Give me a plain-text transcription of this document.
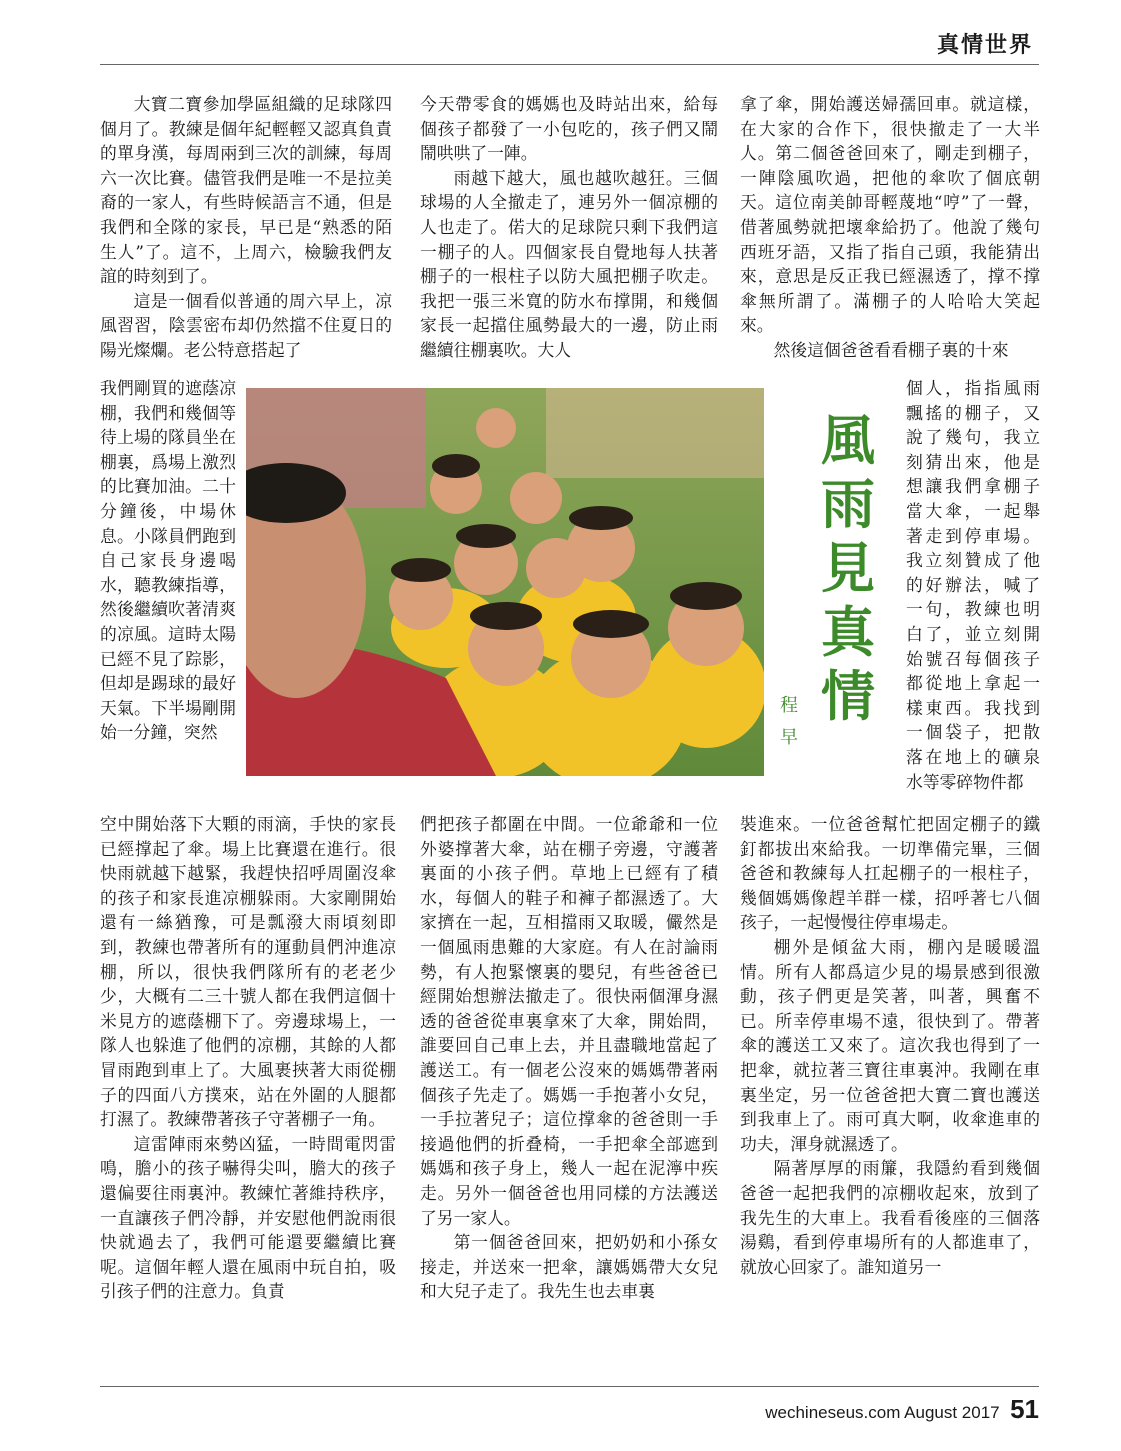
真情世界

大寶二寶參加學區組織的足球隊四個月了。教練是個年紀輕輕又認真負責的單身漢，每周兩到三次的訓練，每周六一次比賽。儘管我們是唯一不是拉美裔的一家人，有些時候語言不通，但是我們和全隊的家長，早已是“熟悉的陌生人”了。這不，上周六，檢驗我們友誼的時刻到了。

這是一個看似普通的周六早上，凉風習習，陰雲密布却仍然擋不住夏日的陽光燦爛。老公特意搭起了

我們剛買的遮蔭凉棚，我們和幾個等待上場的隊員坐在棚裏，爲場上激烈的比賽加油。二十分鐘後，中場休息。小隊員們跑到自己家長身邊喝水，聽教練指導，然後繼續吹著清爽的凉風。這時太陽已經不見了踪影，但却是踢球的最好天氣。下半場剛開始一分鐘，突然

空中開始落下大顆的雨滴，手快的家長已經撑起了傘。場上比賽還在進行。很快雨就越下越緊，我趕快招呼周圍沒傘的孩子和家長進凉棚躲雨。大家剛開始還有一絲猶豫，可是瓢潑大雨頃刻即到，教練也帶著所有的運動員們沖進凉棚，所以，很快我們隊所有的老老少少，大概有二三十號人都在我們這個十米見方的遮蔭棚下了。旁邊球場上，一隊人也躲進了他們的凉棚，其餘的人都冒雨跑到車上了。大風裹挾著大雨從棚子的四面八方撲來，站在外圍的人腿都打濕了。教練帶著孩子守著棚子一角。

這雷陣雨來勢凶猛，一時間電閃雷鳴，膽小的孩子嚇得尖叫，膽大的孩子還偏要往雨裏沖。教練忙著維持秩序，一直讓孩子們冷靜，并安慰他們說雨很快就過去了，我們可能還要繼續比賽呢。這個年輕人還在風雨中玩自拍，吸引孩子們的注意力。負責

今天帶零食的媽媽也及時站出來，給每個孩子都發了一小包吃的，孩子們又鬧鬧哄哄了一陣。

雨越下越大，風也越吹越狂。三個球場的人全撤走了，連另外一個凉棚的人也走了。偌大的足球院只剩下我們這一棚子的人。四個家長自覺地每人扶著棚子的一根柱子以防大風把棚子吹走。我把一張三米寬的防水布撑開，和幾個家長一起擋住風勢最大的一邊，防止雨繼續往棚裏吹。大人

們把孩子都圍在中間。一位爺爺和一位外婆撑著大傘，站在棚子旁邊，守護著裏面的小孩子們。草地上已經有了積水，每個人的鞋子和褲子都濕透了。大家擠在一起，互相擋雨又取暖，儼然是一個風雨患難的大家庭。有人在討論雨勢，有人抱緊懷裏的嬰兒，有些爸爸已經開始想辦法撤走了。很快兩個渾身濕透的爸爸從車裏拿來了大傘，開始問，誰要回自己車上去，并且盡職地當起了護送工。有一個老公沒來的媽媽帶著兩個孩子先走了。媽媽一手抱著小女兒，一手拉著兒子；這位撑傘的爸爸則一手接過他們的折叠椅，一手把傘全部遮到媽媽和孩子身上，幾人一起在泥濘中疾走。另外一個爸爸也用同樣的方法護送了另一家人。

第一個爸爸回來，把奶奶和小孫女接走，并送來一把傘，讓媽媽帶大女兒和大兒子走了。我先生也去車裏

拿了傘，開始護送婦孺回車。就這樣，在大家的合作下，很快撤走了一大半人。第二個爸爸回來了，剛走到棚子，一陣陰風吹過，把他的傘吹了個底朝天。這位南美帥哥輕蔑地“哼”了一聲，借著風勢就把壞傘給扔了。他說了幾句西班牙語，又指了指自己頭，我能猜出來，意思是反正我已經濕透了，撑不撑傘無所謂了。滿棚子的人哈哈大笑起來。

然後這個爸爸看看棚子裏的十來

個人，指指風雨飄搖的棚子，又說了幾句，我立刻猜出來，他是想讓我們拿棚子當大傘，一起舉著走到停車場。我立刻贊成了他的好辦法，喊了一句，教練也明白了，並立刻開始號召每個孩子都從地上拿起一樣東西。我找到一個袋子，把散落在地上的礦泉水等零碎物件都

裝進來。一位爸爸幫忙把固定棚子的鐵釘都拔出來給我。一切準備完畢，三個爸爸和教練每人扛起棚子的一根柱子，幾個媽媽像趕羊群一樣，招呼著七八個孩子，一起慢慢往停車場走。

棚外是傾盆大雨，棚內是暖暖溫情。所有人都爲這少見的場景感到很激動，孩子們更是笑著，叫著，興奮不已。所幸停車場不遠，很快到了。帶著傘的護送工又來了。這次我也得到了一把傘，就拉著三寶往車裏沖。我剛在車裏坐定，另一位爸爸把大寶二寶也護送到我車上了。雨可真大啊，收傘進車的功夫，渾身就濕透了。

隔著厚厚的雨簾，我隱約看到幾個爸爸一起把我們的凉棚收起來，放到了我先生的大車上。我看看後座的三個落湯鷄，看到停車場所有的人都進車了，就放心回家了。誰知道另一

風雨見真情
程 早
wechineseus.com August 2017 51
